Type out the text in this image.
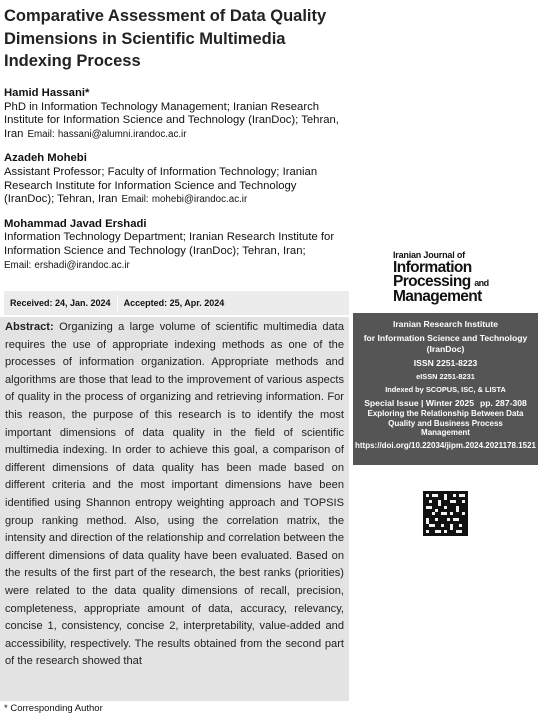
Comparative Assessment of Data Quality Dimensions in Scientific Multimedia Indexing Process
Hamid Hassani*
PhD in Information Technology Management; Iranian Research Institute for Information Science and Technology (IranDoc); Tehran, Iran Email: hassani@alumni.irandoc.ac.ir
Azadeh Mohebi
Assistant Professor; Faculty of Information Technology; Iranian Research Institute for Information Science and Technology (IranDoc); Tehran, Iran Email: mohebi@irandoc.ac.ir
Mohammad Javad Ershadi
Information Technology Department; Iranian Research Institute for Information Science and Technology (IranDoc); Tehran, Iran;
Email: ershadi@irandoc.ac.ir
Iranian Journal of
Information
Processing and
Management
Received: 24, Jan. 2024	Accepted: 25, Apr. 2024
Abstract: Organizing a large volume of scientific multimedia data requires the use of appropriate indexing methods as one of the processes of information organization. Appropriate methods and algorithms are those that lead to the improvement of various aspects of quality in the process of organizing and retrieving information. For this reason, the purpose of this research is to identify the most important dimensions of data quality in the field of scientific multimedia indexing. In order to achieve this goal, a comparison of different dimensions of data quality has been made based on different criteria and the most important dimensions have been identified using Shannon entropy weighting approach and TOPSIS group ranking method. Also, using the correlation matrix, the intensity and direction of the relationship and correlation between the different dimensions of data quality have been evaluated. Based on the results of the first part of the research, the best ranks (priorities) were related to the data quality dimensions of recall, precision, completeness, appropriate amount of data, accuracy, relevancy, concise 1, consistency, concise 2, interpretability, value-added and accessibility, respectively. The results obtained from the second part of the research showed that
Iranian Research Institute
for Information Science and Technology
(IranDoc)
ISSN 2251-8223
eISSN 2251-8231
Indexed by SCOPUS, ISC, & LISTA
Special Issue | Winter 2025 pp. 287-308
Exploring the Relationship Between Data
Quality and Business Process
Management
https://doi.org/10.22034/jipm.2024.2021178.1521
* Corresponding Author
